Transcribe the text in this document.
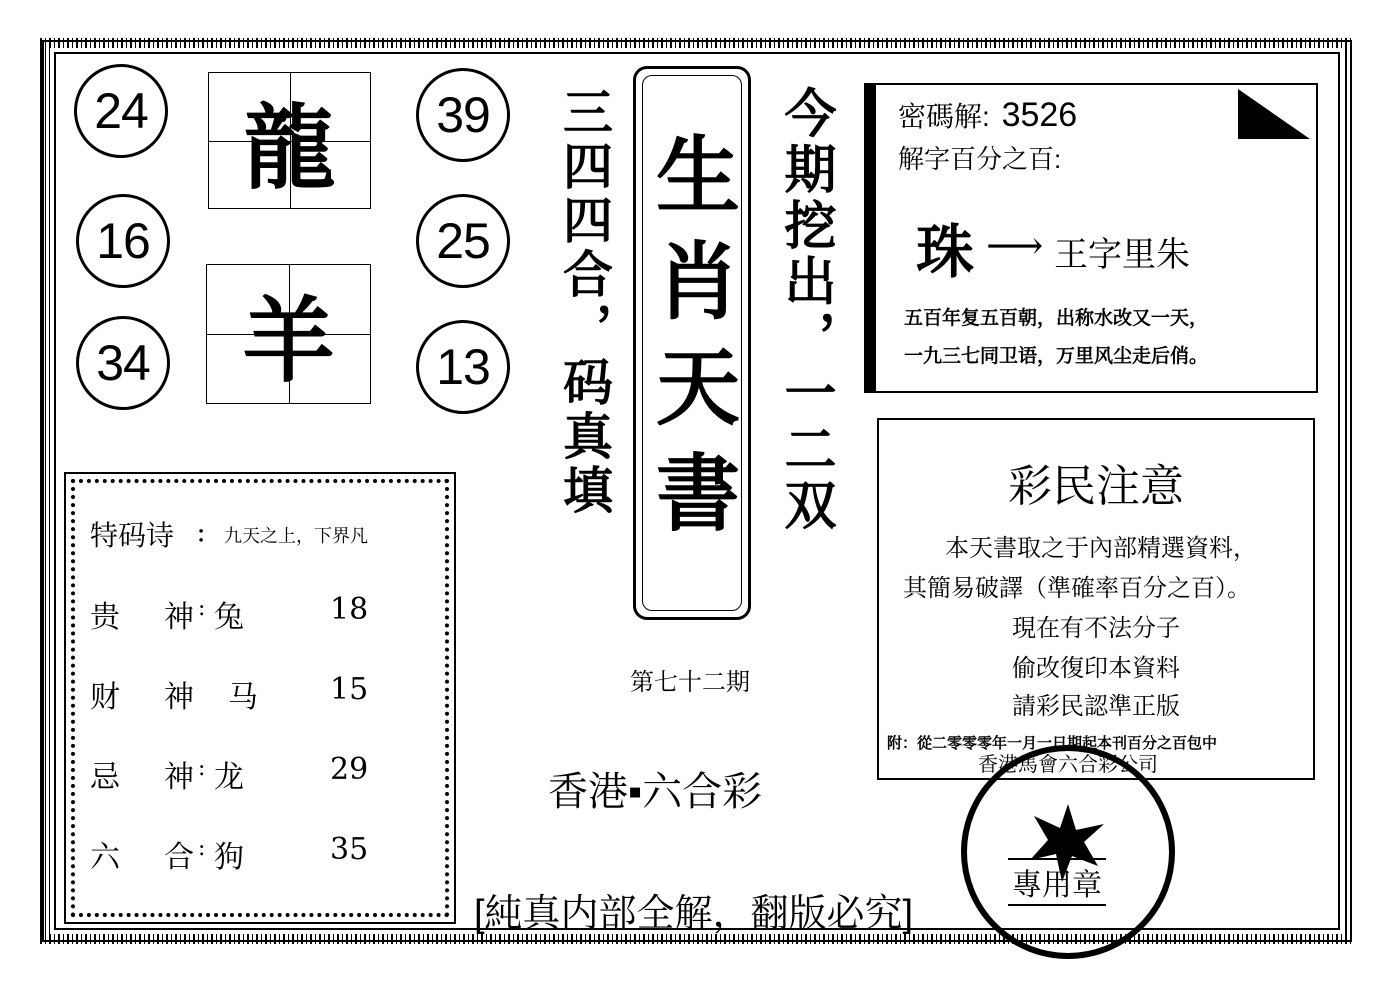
24
16
34
龍
羊
39
25
13	三四四合，码真填 生肖天書 今期挖出，一二双
第七十二期
香港▪六合彩
[純真内部全解，翻版必究]
特码诗 ： 九天之上，下界凡
贵 神 : 兔	18
财 神 马 15
忌 神 : 龙	29
六 合 : 狗	35
密碼解: 3526
解字百分之百:
珠 ⟶ 王字里朱
五百年复五百朝，出称水改又一天，
一九三七同卫语，万里风尘走后俏。
彩民注意
本天書取之于內部精選資料，
其簡易破譯（準確率百分之百）。
現在有不法分子
偷改復印本資料
請彩民認準正版
附：從二零零零年一月一日期起本刊百分之百包中
專用章
香港馬會六合彩公司
